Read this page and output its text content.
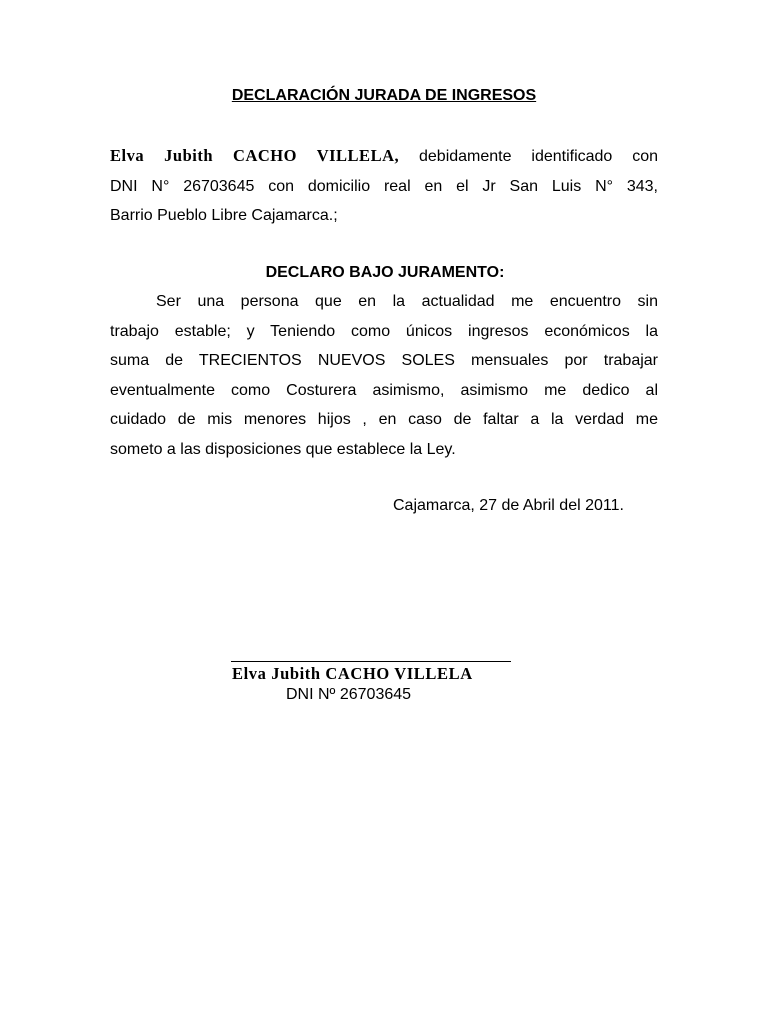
DECLARACIÓN JURADA DE INGRESOS
Elva Jubith CACHO VILLELA, debidamente identificado con
DNI N° 26703645 con domicilio real en el Jr San Luis N° 343,
Barrio Pueblo Libre Cajamarca.;
DECLARO BAJO JURAMENTO:
Ser una persona que en la actualidad me encuentro sin
trabajo estable; y Teniendo como únicos ingresos económicos la
suma de TRECIENTOS NUEVOS SOLES mensuales por trabajar
eventualmente como Costurera asimismo, asimismo me dedico al
cuidado de mis menores hijos , en caso de faltar a la verdad me
someto a las disposiciones que establece la Ley.
Cajamarca, 27 de Abril del 2011.
Elva Jubith CACHO VILLELA
DNI Nº 26703645
